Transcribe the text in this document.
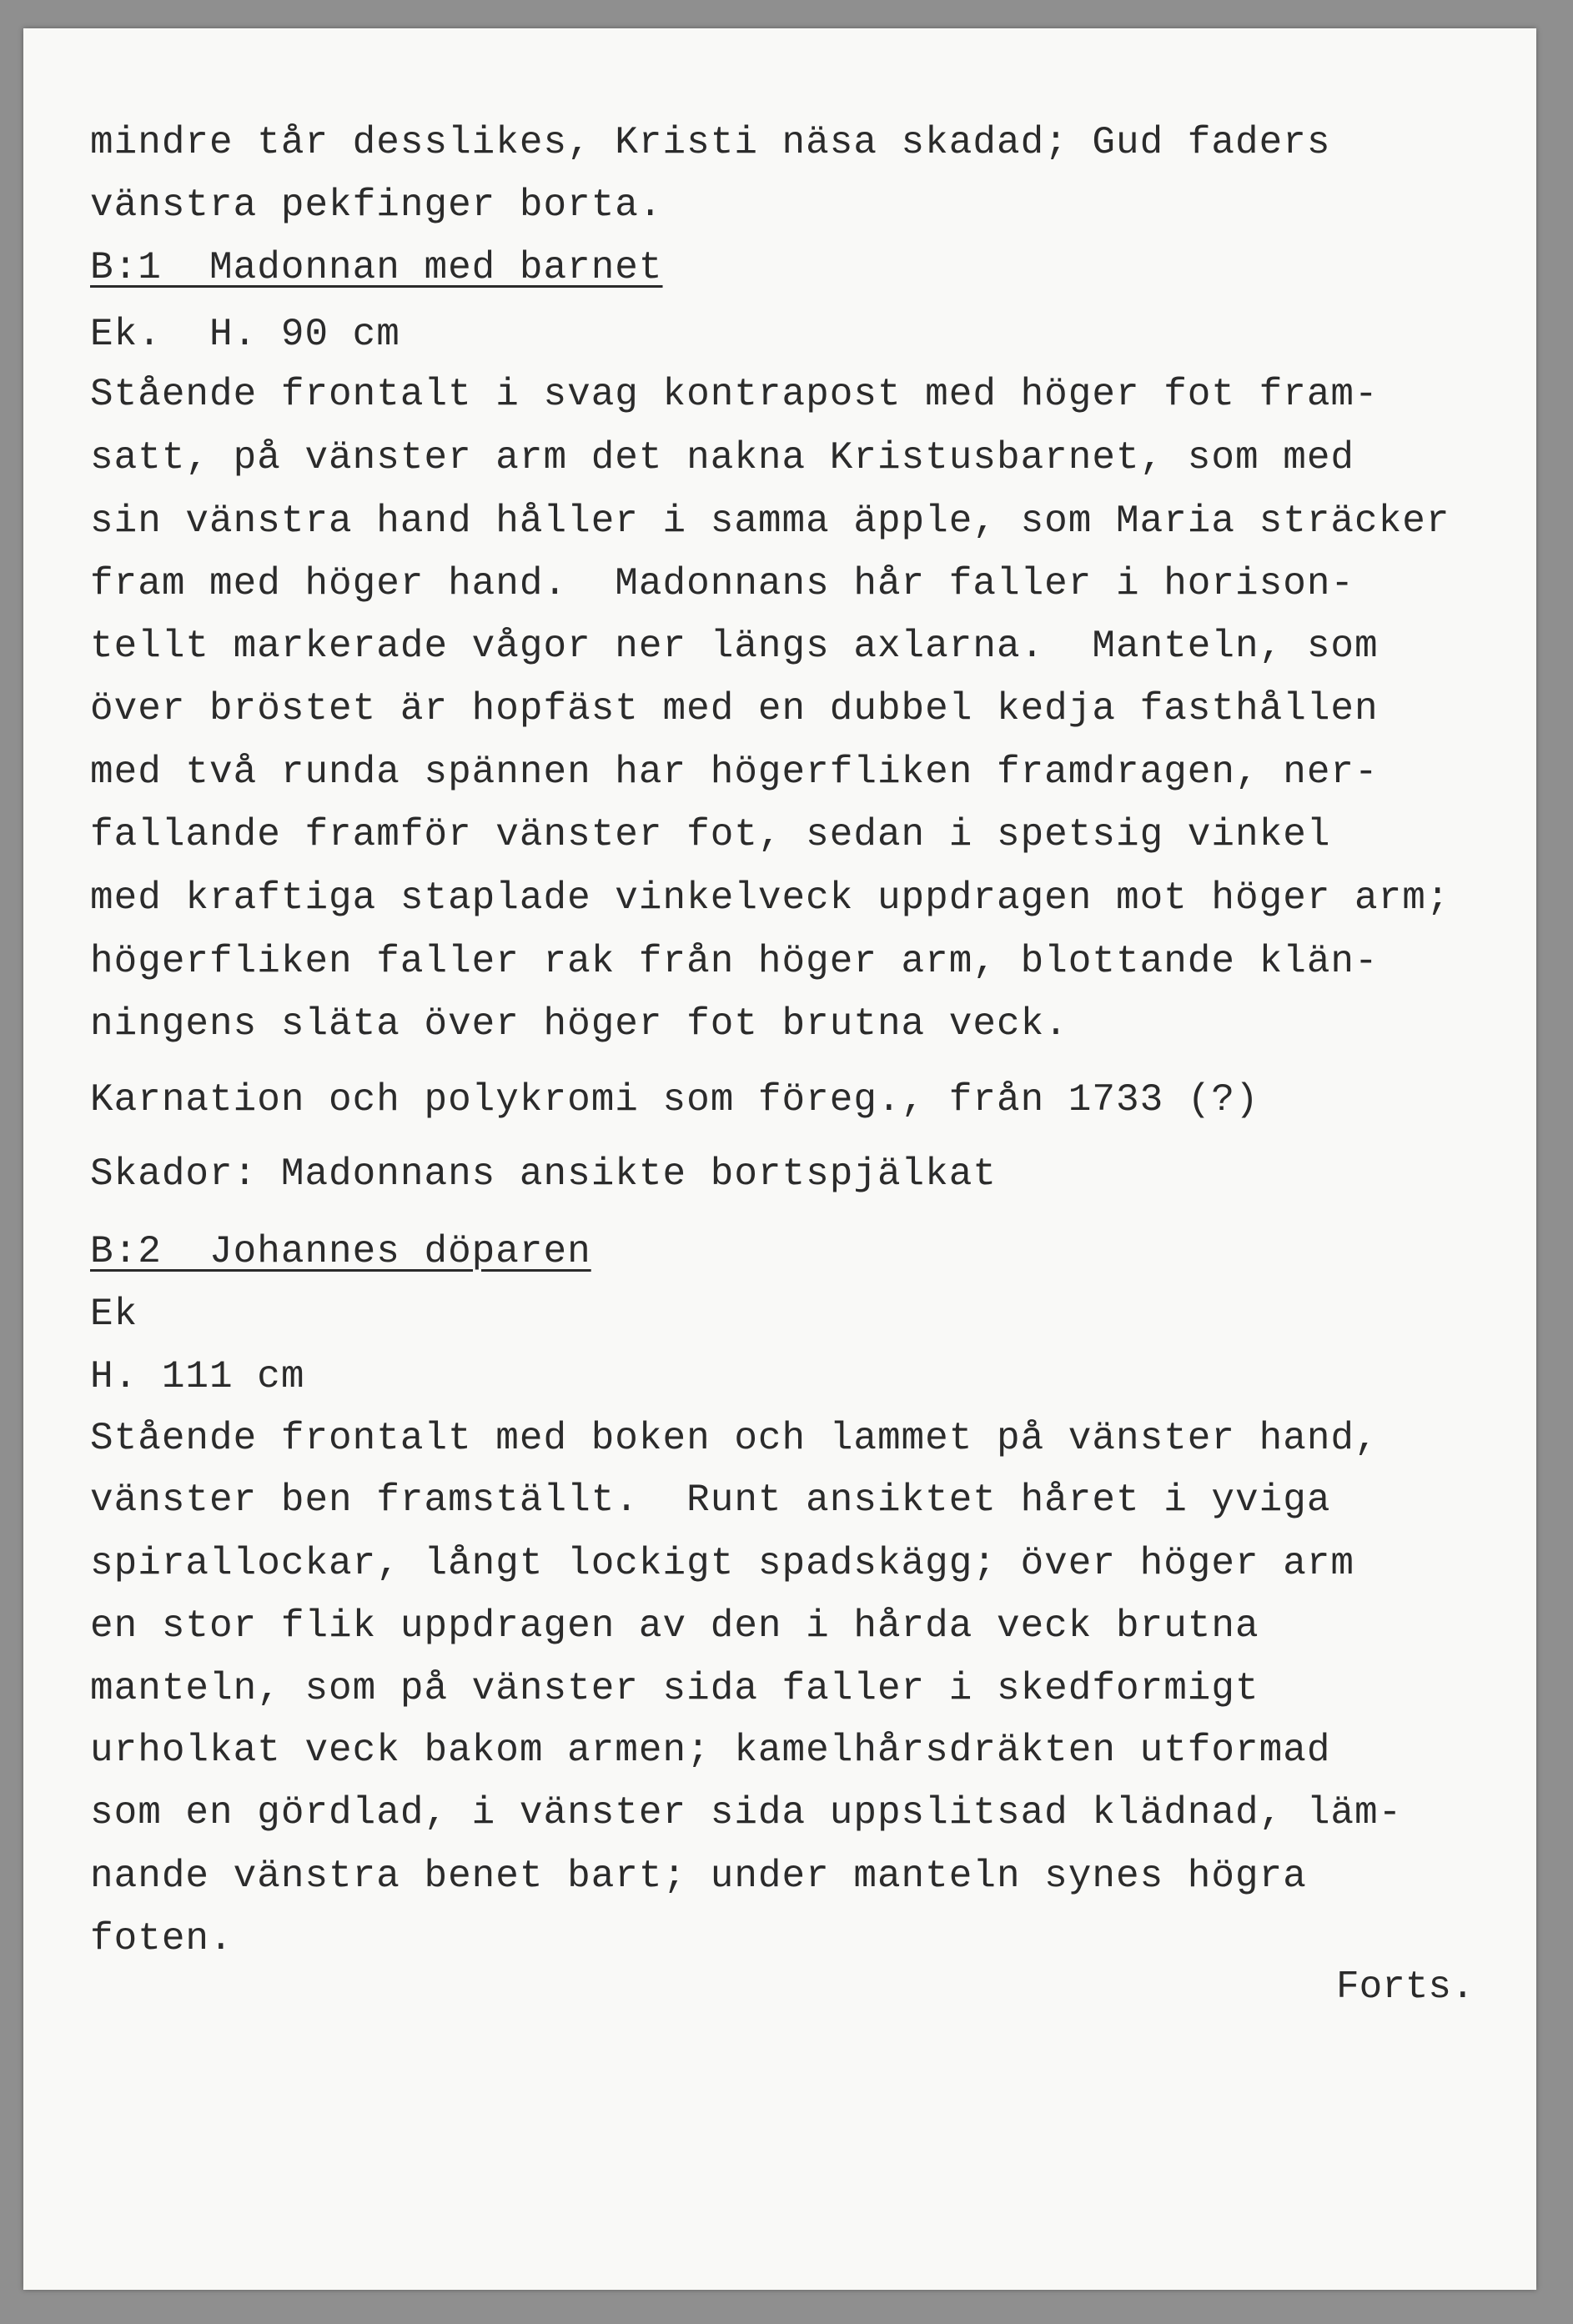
mindre tår desslikes, Kristi näsa skadad; Gud faders
vänstra pekfinger borta.
B:1  Madonnan med barnet
Ek.  H. 90 cm
Stående frontalt i svag kontrapost med höger fot fram-
satt, på vänster arm det nakna Kristusbarnet, som med
sin vänstra hand håller i samma äpple, som Maria sträcker
fram med höger hand.  Madonnans hår faller i horison-
tellt markerade vågor ner längs axlarna.  Manteln, som
över bröstet är hopfäst med en dubbel kedja fasthållen
med två runda spännen har högerfliken framdragen, ner-
fallande framför vänster fot, sedan i spetsig vinkel
med kraftiga staplade vinkelveck uppdragen mot höger arm;
högerfliken faller rak från höger arm, blottande klän-
ningens släta över höger fot brutna veck.
Karnation och polykromi som föreg., från 1733 (?)
Skador: Madonnans ansikte bortspjälkat
B:2  Johannes döparen
Ek
H. 111 cm
Stående frontalt med boken och lammet på vänster hand,
vänster ben framställt.  Runt ansiktet håret i yviga
spirallockar, långt lockigt spadskägg; över höger arm
en stor flik uppdragen av den i hårda veck brutna
manteln, som på vänster sida faller i skedformigt
urholkat veck bakom armen; kamelhårsdräkten utformad
som en gördlad, i vänster sida uppslitsad klädnad, läm-
nande vänstra benet bart; under manteln synes högra
foten.
Forts.
